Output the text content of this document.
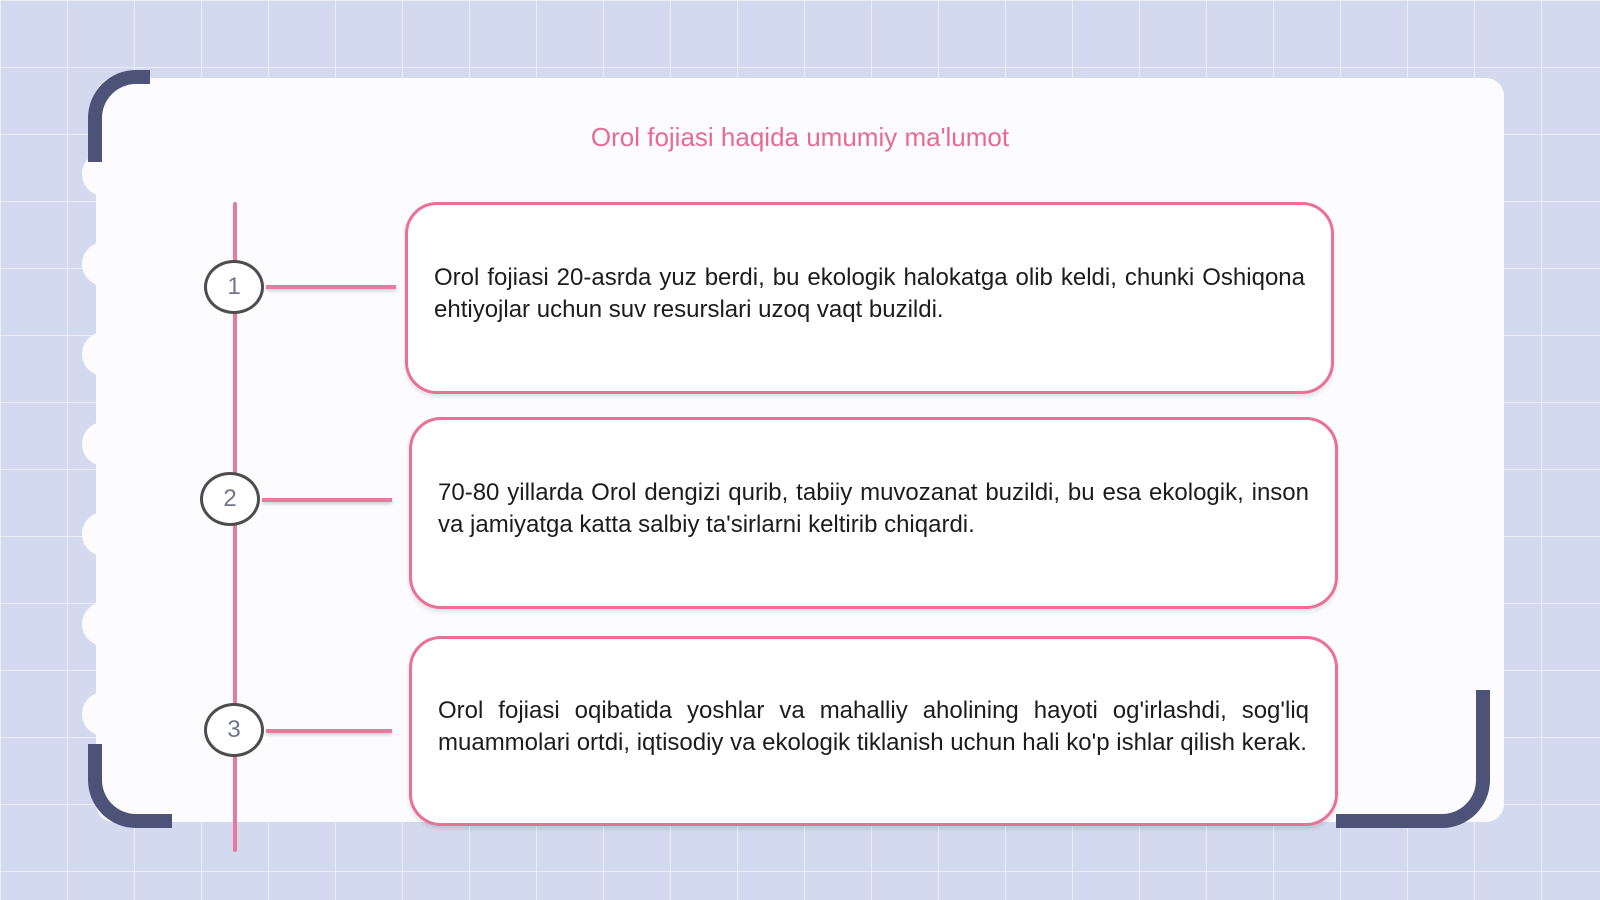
Orol fojiasi haqida umumiy ma'lumot
1	Orol fojiasi 20-asrda yuz berdi, bu ekologik halokatga olib keldi, chunki Oshiqona ehtiyojlar uchun suv resurslari uzoq vaqt buzildi.
2	70-80 yillarda Orol dengizi qurib, tabiiy muvozanat buzildi, bu esa ekologik, inson va jamiyatga katta salbiy ta'sirlarni keltirib chiqardi.
3
Orol fojiasi oqibatida yoshlar va mahalliy aholining hayoti og'irlashdi, sog'liq muammolari ortdi, iqtisodiy va ekologik tiklanish uchun hali ko'p ishlar qilish kerak.
